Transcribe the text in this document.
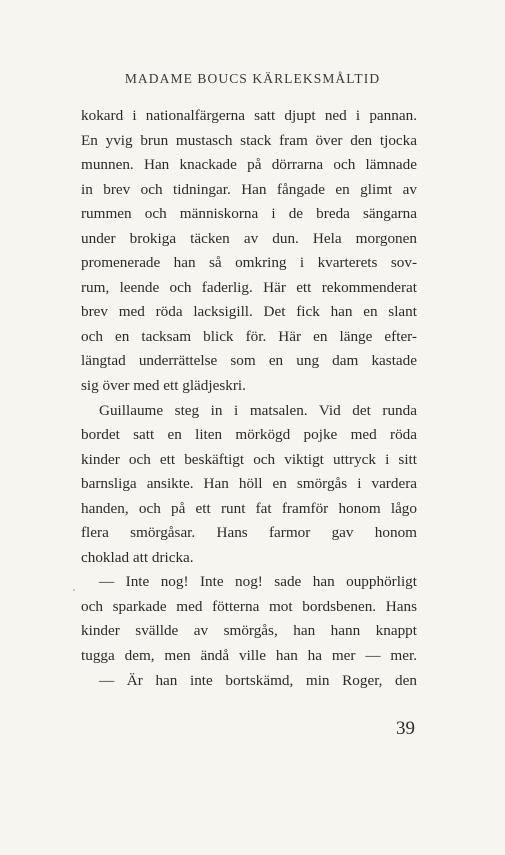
MADAME BOUCS KÄRLEKSMÅLTID
kokard i nationalfärgerna satt djupt ned i pannan.
En yvig brun mustasch stack fram över den tjocka
munnen. Han knackade på dörrarna och lämnade
in brev och tidningar. Han fångade en glimt av
rummen och människorna i de breda sängarna
under brokiga täcken av dun. Hela morgonen
promenerade han så omkring i kvarterets sov-
rum, leende och faderlig. Här ett rekommenderat
brev med röda lacksigill. Det fick han en slant
och en tacksam blick för. Här en länge efter-
längtad underrättelse som en ung dam kastade
sig över med ett glädjeskri.
Guillaume steg in i matsalen. Vid det runda
bordet satt en liten mörkögd pojke med röda
kinder och ett beskäftigt och viktigt uttryck i sitt
barnsliga ansikte. Han höll en smörgås i vardera
handen, och på ett runt fat framför honom lågo
flera smörgåsar. Hans farmor gav honom
choklad att dricka.
— Inte nog! Inte nog! sade han oupphörligt
och sparkade med fötterna mot bordsbenen. Hans
kinder svällde av smörgås, han hann knappt
tugga dem, men ändå ville han ha mer — mer.
— Är han inte bortskämd, min Roger, den
39
